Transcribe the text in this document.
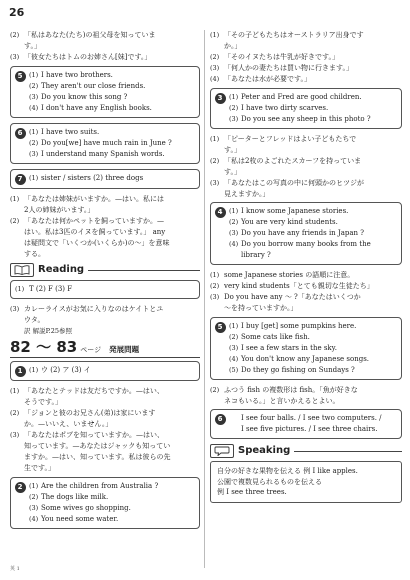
26
(2) 「私はあなた(たち)の祖父母を知っていま
す。」
(3) 「彼女たちはトムのお姉さん[妹]です。」
5	(1) I have two brothers.
(2) They aren't our close friends.
(3) Do you know this song ?
(4) I don't have any English books.
6	(1) I have two suits.
(2) Do you[we] have much rain in June ?
(3) I understand many Spanish words.
7	(1) sister / sisters (2) three dogs
(1) 「あなたは姉妹がいますか。—はい。私には
2人の姉妹がいます。」
(2) 「あなたは何かペットを飼っていますか。—
はい。私は3匹のイヌを飼っています。」 any
は疑問文で「いくつか(いくらか)の〜」を意味
する。
Reading
(1) T (2) F (3) F
(3) カレーライスがお気に入りなのはケイトとユ
ウタ。
訳 解説P.25参照
82 ～ 83 ページ 発展問題
1	(1) ウ (2) ア (3) イ
(1) 「あなたとテッドは友だちですか。—はい、
そうです。」
(2) 「ジョンと彼のお兄さん(弟)は家にいます
か。—いいえ、いません。」
(3) 「あなたはポブを知っていますか。—はい、
知っています。—あなたはジャックも知ってい
ますか。—はい、知っています。私は彼らの先
生です。」
2	(1) Are the children from Australia ?
(2) The dogs like milk.
(3) Some wives go shopping.
(4) You need some water.
(1) 「その子どもたちはオーストラリア出身です
か。」
(2) 「そのイヌたちは牛乳が好きです。」
(3) 「何人かの妻たちは買い物に行きます。」
(4) 「あなたは水が必要です。」
3	(1) Peter and Fred are good children.
(2) I have two dirty scarves.
(3) Do you see any sheep in this photo ?
(1) 「ピーターとフレッドはよい子どもたちで
す。」
(2) 「私は2枚のよごれたスカーフを持っていま
す。」
(3) 「あなたはこの写真の中に何頭かのヒツジが
見えますか。」
4	(1) I know some Japanese stories.
(2) You are very kind students.
(3) Do you have any friends in Japan ?
(4) Do you borrow many books from the
library ?
(1) some Japanese stories の語順に注意。
(2) very kind students「とても親切な生徒たち」
(3) Do you have any 〜 ?「あなたはいくつか
〜を持っていますか。」
5	(1) I buy [get] some pumpkins here.
(2) Some cats like fish.
(3) I see a few stars in the sky.
(4) You don't know any Japanese songs.
(5) Do they go fishing on Sundays ?
(2) ふつう fish の複数形は fish。「魚が好きな
ネコもいる。」と言いかえるとよい。
6	I see four balls. / I see two computers. /
I see five pictures. / I see three chairs.
Speaking
自分の好きな果物を伝える 例 I like apples.
公園で複数見られるものを伝える
例 I see three trees.
英 1
